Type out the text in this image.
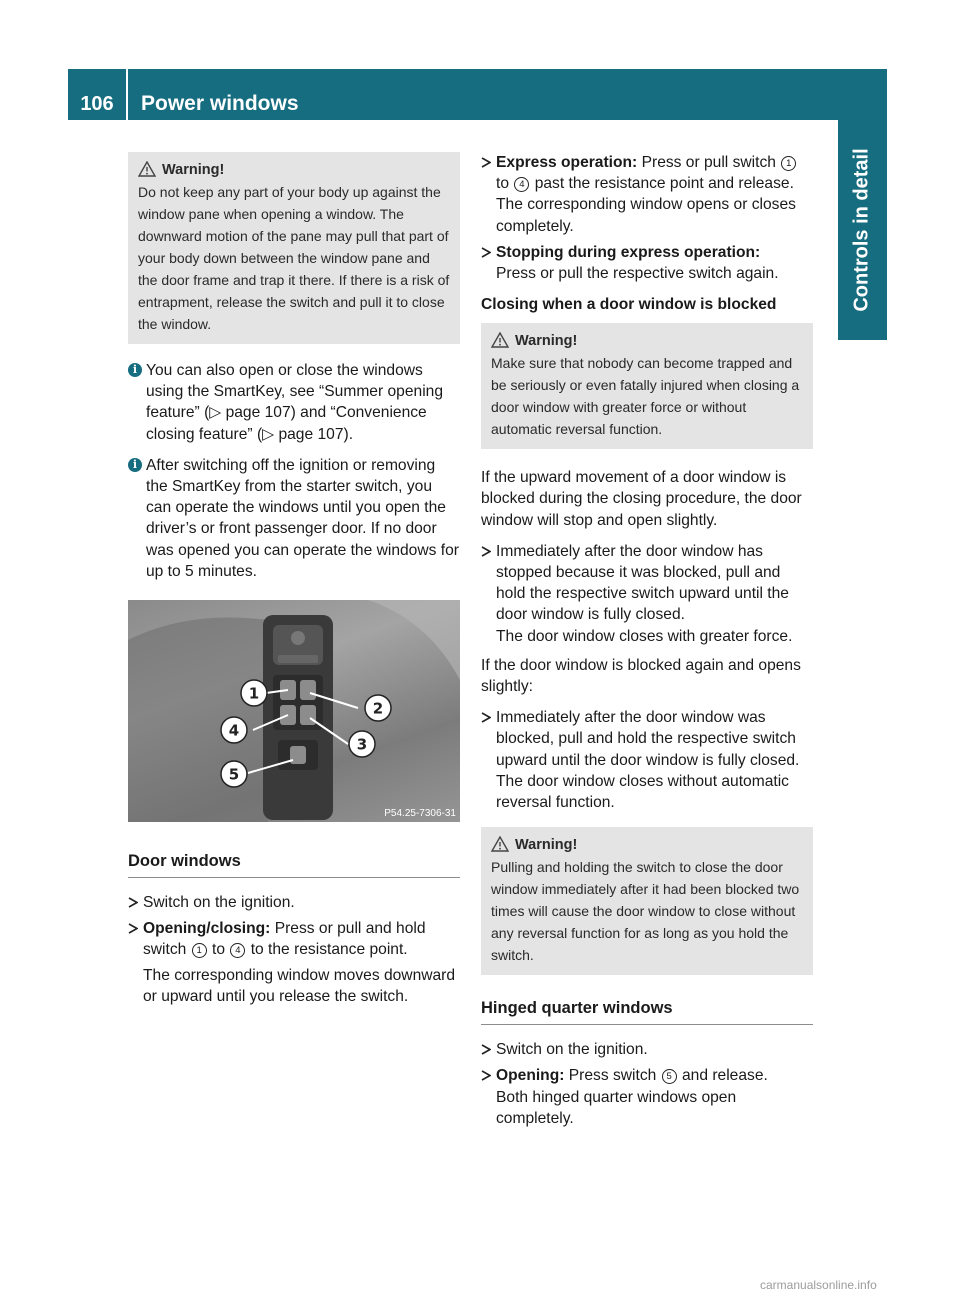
106	Power windows
Controls in detail
Warning!
Do not keep any part of your body up against the window pane when opening a window. The downward motion of the pane may pull that part of your body down between the window pane and the door frame and trap it there. If there is a risk of entrapment, release the switch and pull it to close the window.
i You can also open or close the windows using the SmartKey, see “Summer opening feature” (▷ page 107) and “Convenience closing feature” (▷ page 107).
i After switching off the ignition or removing the SmartKey from the starter switch, you can operate the windows until you open the driver’s or front passenger door. If no door was opened you can operate the windows for up to 5 minutes.
1
2
3
4
5
P54.25-7306-31
Door windows
Switch on the ignition.
Opening/closing: Press or pull and hold switch 1 to 4 to the resistance point.
The corresponding window moves downward or upward until you release the switch.
Express operation: Press or pull switch 1 to 4 past the resistance point and release.
The corresponding window opens or closes completely.
Stopping during express operation:
Press or pull the respective switch again.
Closing when a door window is blocked
Warning!
Make sure that nobody can become trapped and be seriously or even fatally injured when closing a door window with greater force or without automatic reversal function.
If the upward movement of a door window is blocked during the closing procedure, the door window will stop and open slightly.
Immediately after the door window has stopped because it was blocked, pull and hold the respective switch upward until the door window is fully closed.
The door window closes with greater force.
If the door window is blocked again and opens slightly:
Immediately after the door window was blocked, pull and hold the respective switch upward until the door window is fully closed.
The door window closes without automatic reversal function.
Warning!
Pulling and holding the switch to close the door window immediately after it had been blocked two times will cause the door window to close without any reversal function for as long as you hold the switch.
Hinged quarter windows
Switch on the ignition.
Opening: Press switch 5 and release.
Both hinged quarter windows open completely.
carmanualsonline.info
